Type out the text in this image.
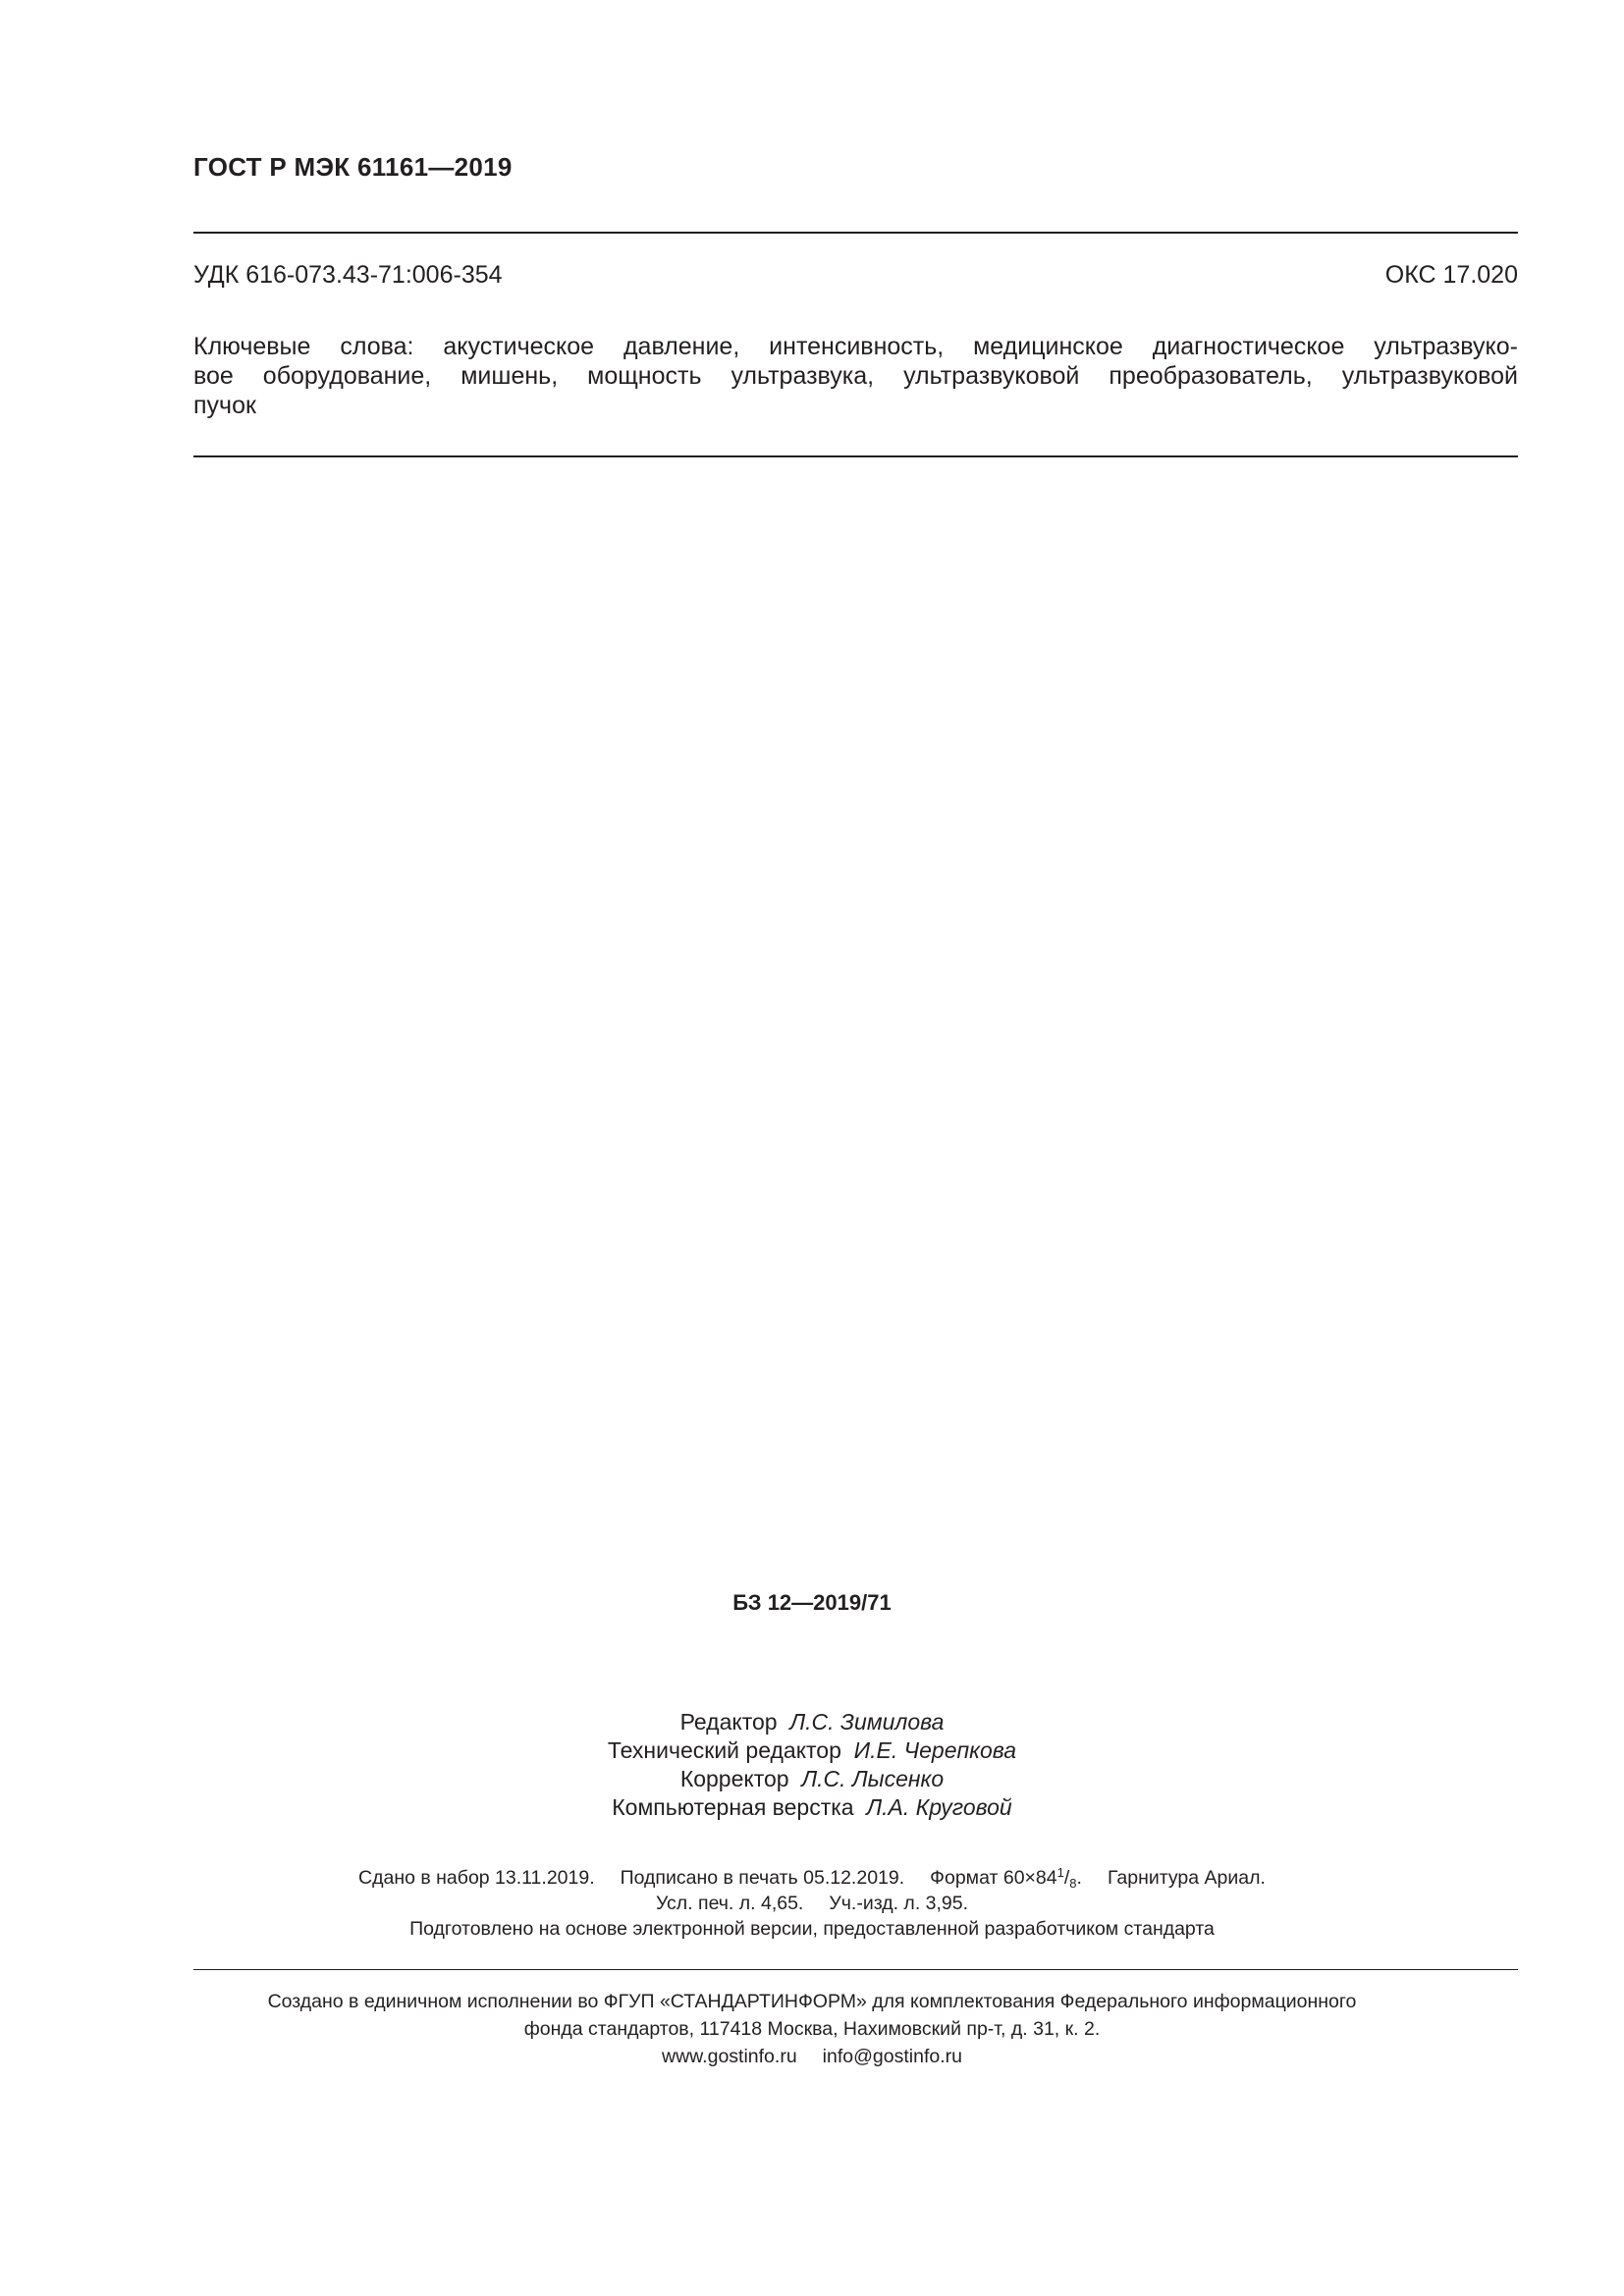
ГОСТ Р МЭК 61161—2019
УДК 616-073.43-71:006-354	ОКС 17.020
Ключевые слова: акустическое давление, интенсивность, медицинское диагностическое ультразвуко-
вое оборудование, мишень, мощность ультразвука, ультразвуковой преобразователь, ультразвуковой
пучок
БЗ 12—2019/71
Редактор Л.С. Зимилова
Технический редактор И.Е. Черепкова
Корректор Л.С. Лысенко
Компьютерная верстка Л.А. Круговой
Сдано в набор 13.11.2019. Подписано в печать 05.12.2019. Формат $60\times 84^1/_8$. Гарнитура Ариал.
Усл. печ. л. 4,65. Уч.-изд. л. 3,95.
Подготовлено на основе электронной версии, предоставленной разработчиком стандарта
Создано в единичном исполнении во ФГУП «СТАНДАРТИНФОРМ» для комплектования Федерального информационного
фонда стандартов, 117418 Москва, Нахимовский пр-т, д. 31, к. 2.
www.gostinfo.ru info@gostinfo.ru
